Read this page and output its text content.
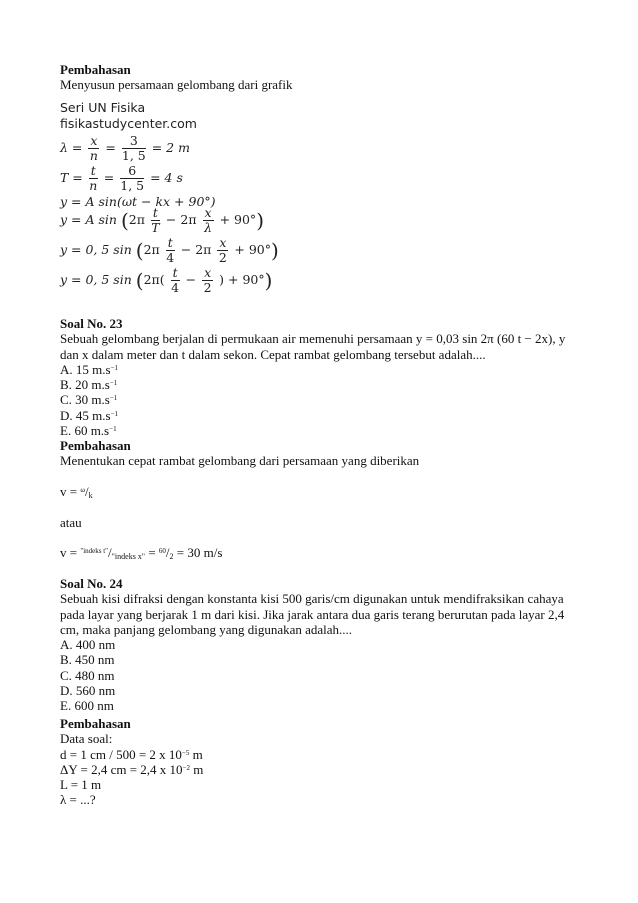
Pembahasan
Menyusun persamaan gelombang dari grafik
Seri UN Fisika
fisikastudycenter.com
$\lambda = \frac{x}{n} = \frac{3}{1, 5} = 2$ m
$T = \frac{t}{n} = \frac{6}{1, 5} = 4$ s
y = A sin(ωt − kx + 90°)
y = A $\sin (2\pi \frac{t}{T} - 2\pi \frac{x}{\lambda} + 90^\circ)$
y = 0, 5 $\sin (2\pi \frac{t}{4} - 2\pi \frac{x}{2} + 90^\circ)$
y = 0, 5 $\sin (2\pi( \frac{t}{4} - \frac{x}{2}$ ) + 90°)
Soal No. 23
Sebuah gelombang berjalan di permukaan air memenuhi persamaan y = 0,03 sin 2π (60 t − 2x), y
dan x dalam meter dan t dalam sekon. Cepat rambat gelombang tersebut adalah....
A. 15 $m.s^{-1}$
B. 20 $m.s^{-1}$
C. 30 $m.s^{-1}$
D. 45 $m.s^{-1}$
E. 60 $m.s^{-1}$
Pembahasan
Menentukan cepat rambat gelombang dari persamaan yang diberikan
$v = ^\omega/_k$
atau
$v = ^{"indeks t"}/_{"indeks x"} = ^{60}/_2 = 30$ m/s
Soal No. 24
Sebuah kisi difraksi dengan konstanta kisi 500 garis/cm digunakan untuk mendifraksikan cahaya
pada layar yang berjarak 1 m dari kisi. Jika jarak antara dua garis terang berurutan pada layar 2,4
cm, maka panjang gelombang yang digunakan adalah....
A. 400 nm
B. 450 nm
C. 480 nm
D. 560 nm
E. 600 nm
Pembahasan
Data soal:
d = 1 cm / 500 = 2 x $10^{-5}$ m
ΔY = 2,4 cm = 2,4 x $10^{-2}$ m
L = 1 m
λ = ...?
